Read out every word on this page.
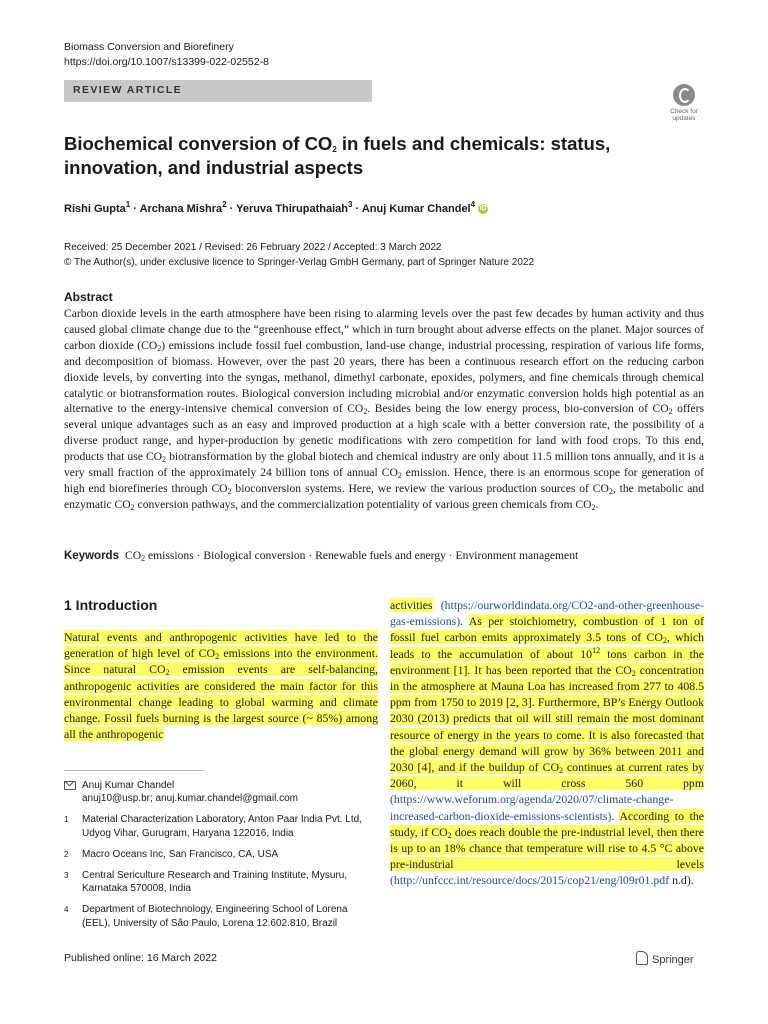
Biomass Conversion and Biorefinery
https://doi.org/10.1007/s13399-022-02552-8
REVIEW ARTICLE
Check for updates
Biochemical conversion of $CO_2$ in fuels and chemicals: status, innovation, and industrial aspects
Rishi Gupta$^1$ · Archana Mishra$^2$ · Yeruva Thirupathaiah$^3$ · Anuj Kumar Chandel$^4$ iD
Received: 25 December 2021 / Revised: 26 February 2022 / Accepted: 3 March 2022
© The Author(s), under exclusive licence to Springer-Verlag GmbH Germany, part of Springer Nature 2022
Abstract

Carbon dioxide levels in the earth atmosphere have been rising to alarming levels over the past few decades by human activity and thus caused global climate change due to the “greenhouse effect,” which in turn brought about adverse effects on the planet. Major sources of carbon dioxide $(CO_2)$ emissions include fossil fuel combustion, land-use change, industrial processing, respiration of various life forms, and decomposition of biomass. However, over the past 20 years, there has been a continuous research effort on the reducing carbon dioxide levels, by converting into the syngas, methanol, dimethyl carbonate, epoxides, polymers, and fine chemicals through chemical catalytic or biotransformation routes. Biological conversion including microbial and/or enzymatic conversion holds high potential as an alternative to the energy-intensive chemical conversion of $CO_2$. Besides being the low energy process, bio-conversion of $CO_2$ offers several unique advantages such as an easy and improved production at a high scale with a better conversion rate, the possibility of a diverse product range, and hyper-production by genetic modifications with zero competition for land with food crops. To this end, products that use $CO_2$ biotransformation by the global biotech and chemical industry are only about 11.5 million tons annually, and it is a very small fraction of the approximately 24 billion tons of annual $CO_2$ emission. Hence, there is an enormous scope for generation of high end biorefineries through $CO_2$ bioconversion systems. Here, we review the various production sources of $CO_2$, the metabolic and enzymatic $CO_2$ conversion pathways, and the commercialization potentiality of various green chemicals from $CO_2$.

Keywords $CO_2$ emissions · Biological conversion · Renewable fuels and energy · Environment management
1 Introduction

Natural events and anthropogenic activities have led to the generation of high level of $CO_2$ emissions into the environment. Since natural $CO_2$ emission events are self-balancing, anthropogenic activities are considered the main factor for this environmental change leading to global warming and climate change. Fossil fuels burning is the largest source (~ 85%) among all the anthropogenic

activities (https://ourworldindata.org/CO2-and-other-greenhouse-gas-emissions). As per stoichiometry, combustion of 1 ton of fossil fuel carbon emits approximately 3.5 tons of $CO_2$, which leads to the accumulation of about $10^{12}$ tons carbon in the environment [1]. It has been reported that the $CO_2$ concentration in the atmosphere at Mauna Loa has increased from 277 to 408.5 ppm from 1750 to 2019 [2, 3]. Furthermore, BP’s Energy Outlook 2030 (2013) predicts that oil will still remain the most dominant resource of energy in the years to come. It is also forecasted that the global energy demand will grow by 36% between 2011 and 2030 [4], and if the buildup of $CO_2$ continues at current rates by 2060, it will cross 560 ppm (https://www.weforum.org/agenda/2020/07/climate-change-increased-carbon-dioxide-emissions-scientists). According to the study, if $CO_2$ does reach double the pre-industrial level, then there is up to an 18% chance that temperature will rise to 4.5 °C above pre-industrial levels (http://unfccc.int/resource/docs/2015/cop21/eng/l09r01.pdf n.d).

Anuj Kumar Chandel
anuj10@usp.br; anuj.kumar.chandel@gmail.com
1 Material Characterization Laboratory, Anton Paar India Pvt. Ltd, Udyog Vihar, Gurugram, Haryana 122016, India
2 Macro Oceans Inc, San Francisco, CA, USA
3 Central Sericulture Research and Training Institute, Mysuru, Karnataka 570008, India
4 Department of Biotechnology, Engineering School of Lorena (EEL), University of São Paulo, Lorena 12.602.810, Brazil
Published online: 16 March 2022	Springer
